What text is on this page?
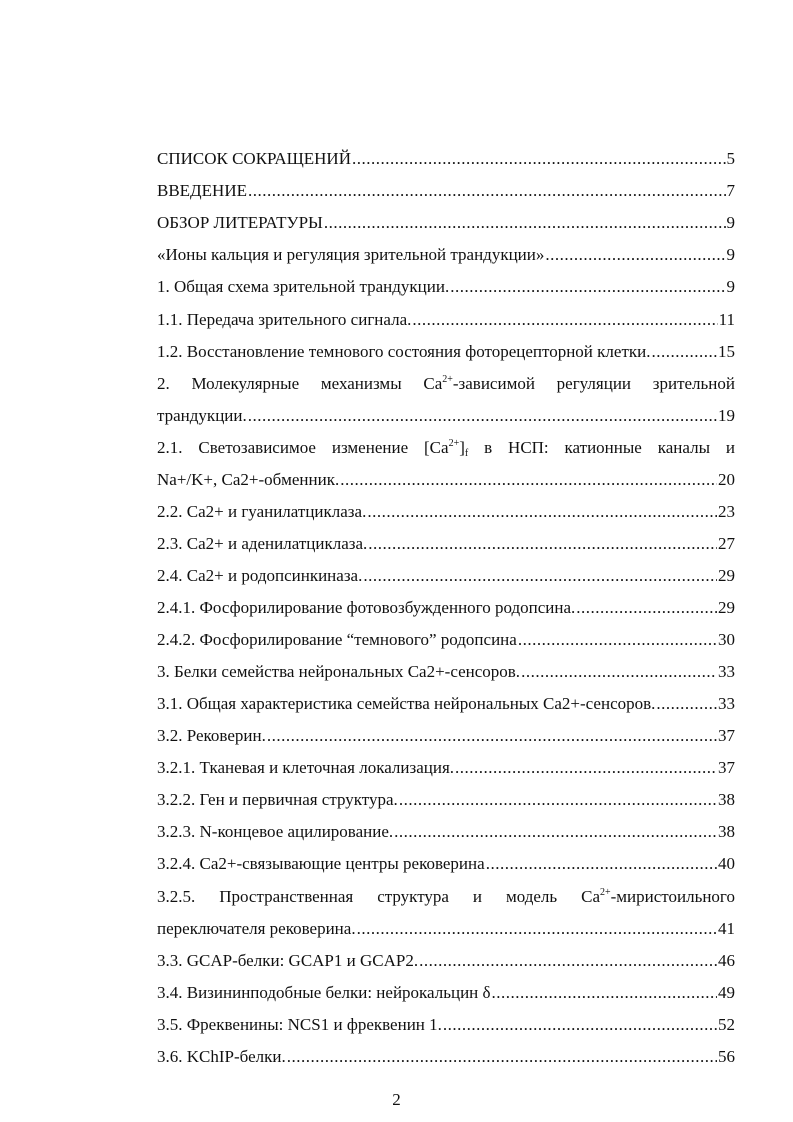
СПИСОК СОКРАЩЕНИЙ .....	5
ВВЕДЕНИЕ .....	7
ОБЗОР ЛИТЕРАТУРЫ .....	9
«Ионы кальция и регуляция зрительной трандукции» .....	9
1. Общая схема зрительной трандукции. .....	9
1.1. Передача зрительного сигнала. .....	11
1.2. Восстановление темнового состояния фоторецепторной клетки. .....	15
2. Молекулярные механизмы $Ca^{2+}$-зависимой регуляции зрительной
трандукции. .....	19
2.1. Светозависимое изменение $[Ca^{2+}]_f$ в НСП: катионные каналы и
Na+/K+, Ca2+-обменник. .....	20
2.2. Ca2+ и гуанилатциклаза. .....	23
2.3. Ca2+ и аденилатциклаза. .....	27
2.4. Ca2+ и родопсинкиназа. .....	29
2.4.1. Фосфорилирование фотовозбужденного родопсина. .....	29
2.4.2. Фосфорилирование “темнового” родопсина .....	30
3. Белки семейства нейрональных Ca2+-сенсоров. .....	33
3.1. Общая характеристика семейства нейрональных Ca2+-сенсоров. .....	33
3.2. Рековерин. .....	37
3.2.1. Тканевая и клеточная локализация. .....	37
3.2.2. Ген и первичная структура. .....	38
3.2.3. N-концевое ацилирование. .....	38
3.2.4. Ca2+-связывающие центры рековерина .....	40
3.2.5. Пространственная структура и модель $Ca^{2+}$-миристоильного
переключателя рековерина. .....	41
3.3. GCAP-белки: GCAP1 и GCAP2. .....	46
3.4. Визининподобные белки: нейрокальцин δ .....	49
3.5. Фреквенины: NCS1 и фреквенин 1. .....	52
3.6. KChIP-белки. .....	56
2
